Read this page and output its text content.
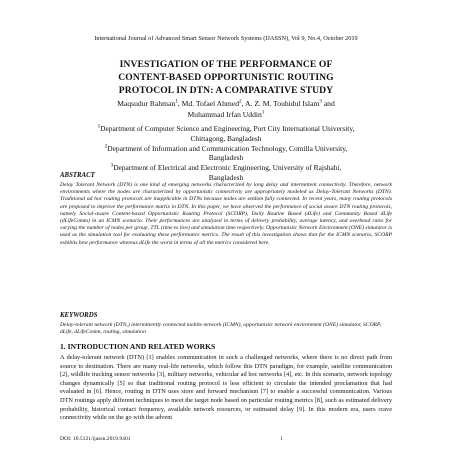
International Journal of Advanced Smart Sensor Network Systems (IJASSN), Vol 9, No.4, October 2019
INVESTIGATION OF THE PERFORMANCE OF
CONTENT-BASED OPPORTUNISTIC ROUTING
PROTOCOL IN DTN: A COMPARATIVE STUDY
Maqsudur Rahman$^1$, Md. Tofael Ahmed$^2$, A. Z. M. Touhidul Islam$^3$ and
Muhammad Irfan Uddin$^1$
$^1$Department of Computer Science and Engineering, Port City International University,
Chittagong, Bangladesh
$^2$Department of Information and Communication Technology, Comilla University,
Bangladesh
$^3$Department of Electrical and Electronic Engineering, University of Rajshahi,
Bangladesh
ABSTRACT
Delay Tolerant Network (DTN) is one kind of emerging networks characterized by long delay and intermittent connectivity. Therefore, network environments where the nodes are characterized by opportunistic connectivity are appropriately modeled as Delay-Tolerant Networks (DTN). Traditional ad hoc routing protocols are inapplicable in DTNs because nodes are seldom fully connected. In recent years, many routing protocols are proposed to improve the performance matrix in DTN. In this paper, we have observed the performance of social aware DTN routing protocols, namely Social-aware Content-based Opportunistic Routing Protocol (SCORP), Daily Routine Based (dLife) and Community Based dLife (dLifeComm) in an ICMN scenario. Their performances are analyzed in terms of delivery probability, average latency, and overhead ratio for varying the number of nodes per group, TTL (time to live) and simulation time respectively. Opportunistic Network Environment (ONE) simulator is used as the simulation tool for evaluating these performance metrics. The result of this investigation shows that for the ICMN scenario, SCORP exhibits best performance whereas dLife the worst in terms of all the metrics considered here.
KEYWORDS
Delay-tolerant network (DTN,) intermittently connected mobile network (ICMN), opportunistic network environment (ONE) simulator, SCORP, dLife, dLifeComm, routing, simulation
1. INTRODUCTION AND RELATED WORKS
A delay-tolerant network (DTN) [1] enables communication in such a challenged networks, where there is no direct path from source to destination. There are many real-life networks, which follow this DTN paradigm, for example, satellite communication [2], wildlife tracking sensor networks [3], military networks, vehicular ad hoc networks [4], etc. In this scenario, network topology changes dynamically [5] so that traditional routing protocol is less efficient to circulate the intended proclamation that had evaluated in [6]. Hence, routing in DTN uses store and forward mechanism [7] to enable a successful communication. Various DTN routings apply different techniques to meet the target node based on particular routing metrics [8], such as estimated delivery probability, historical contact frequency, available network resources, or estimated delay [9]. In this modern era, users crave connectivity while on the go with the advent
DOI: 10.5121/ijassn.2019.9401	1
